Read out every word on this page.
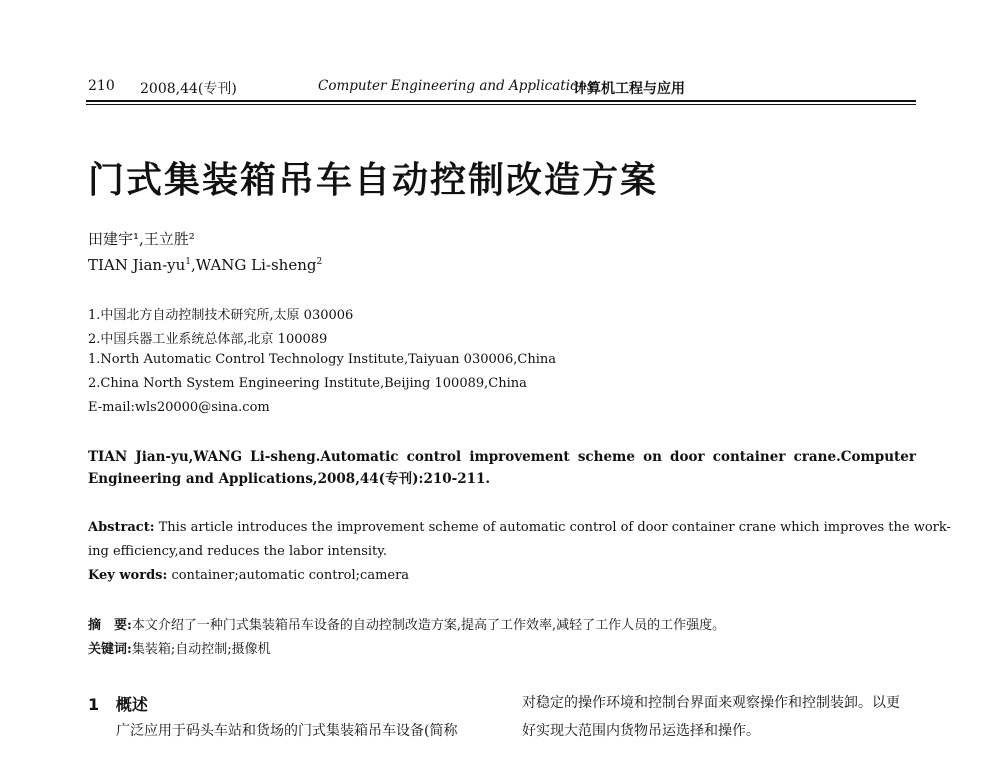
210 2008,44(专刊)	Computer Engineering and Applications
计算机工程与应用
门式集装箱吊车自动控制改造方案
田建宇¹,王立胜²
TIAN Jian-$yu^1,WANG$ Li-sheng$^2$
1.中国北方自动控制技术研究所,太原 030006
2.中国兵器工业系统总体部,北京 100089
1.North Automatic Control Technology Institute,Taiyuan 030006,China
2.China North System Engineering Institute,Beijing 100089,China
E-mail:wls20000@sina.com
TIAN Jian-yu,WANG Li-sheng.Automatic control improvement scheme on door container crane.Computer Engineering and Applications,2008,44(专刊):210-211.
Abstract: This article introduces the improvement scheme of automatic control of door container crane which improves the work-
ing efficiency,and reduces the labor intensity.
Key words: container;automatic control;camera
摘　要:本文介绍了一种门式集装箱吊车设备的自动控制改造方案,提高了工作效率,减轻了工作人员的工作强度。
关键词:集装箱;自动控制;摄像机
1 概述
广泛应用于码头车站和货场的门式集装箱吊车设备(简称
对稳定的操作环境和控制台界面来观察操作和控制装卸。以更
好实现大范围内货物吊运选择和操作。
